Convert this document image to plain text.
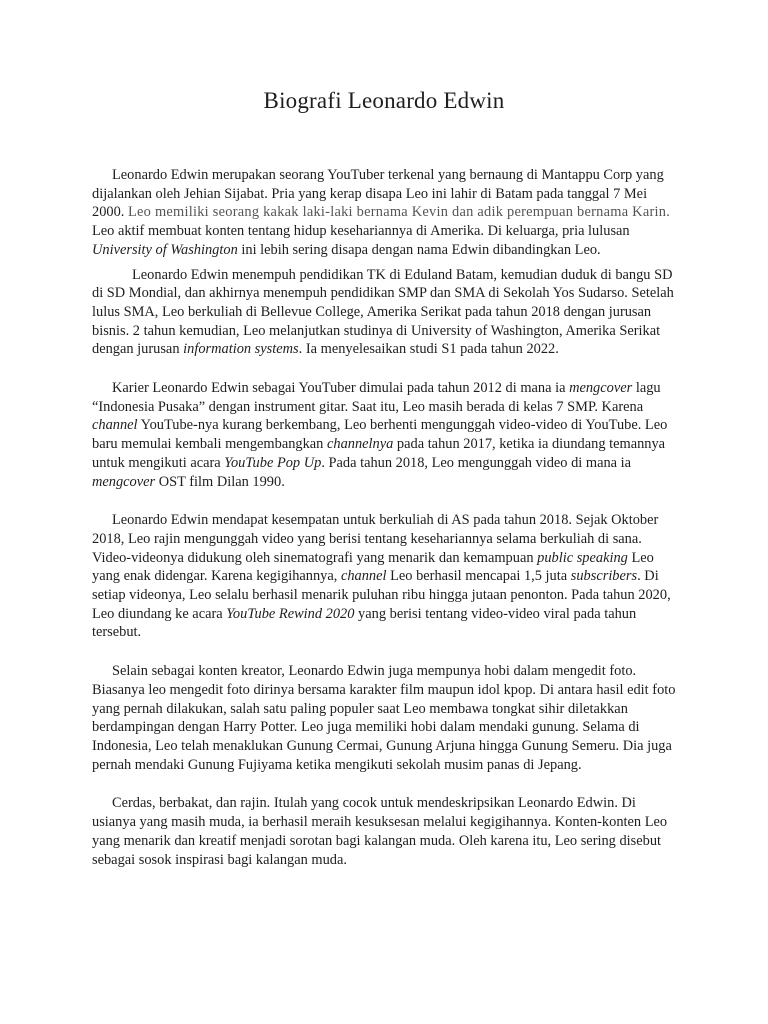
Biografi Leonardo Edwin

Leonardo Edwin merupakan seorang YouTuber terkenal yang bernaung di Mantappu Corp yang dijalankan oleh Jehian Sijabat. Pria yang kerap disapa Leo ini lahir di Batam pada tanggal 7 Mei 2000. Leo memiliki seorang kakak laki-laki bernama Kevin dan adik perempuan bernama Karin. Leo aktif membuat konten tentang hidup kesehariannya di Amerika. Di keluarga, pria lulusan University of Washington ini lebih sering disapa dengan nama Edwin dibandingkan Leo.

Leonardo Edwin menempuh pendidikan TK di Eduland Batam, kemudian duduk di bangu SD di SD Mondial, dan akhirnya menempuh pendidikan SMP dan SMA di Sekolah Yos Sudarso. Setelah lulus SMA, Leo berkuliah di Bellevue College, Amerika Serikat pada tahun 2018 dengan jurusan bisnis. 2 tahun kemudian, Leo melanjutkan studinya di University of Washington, Amerika Serikat dengan jurusan information systems. Ia menyelesaikan studi S1 pada tahun 2022.

Karier Leonardo Edwin sebagai YouTuber dimulai pada tahun 2012 di mana ia mengcover lagu “Indonesia Pusaka” dengan instrument gitar. Saat itu, Leo masih berada di kelas 7 SMP. Karena channel YouTube-nya kurang berkembang, Leo berhenti mengunggah video-video di YouTube. Leo baru memulai kembali mengembangkan channelnya pada tahun 2017, ketika ia diundang temannya untuk mengikuti acara YouTube Pop Up. Pada tahun 2018, Leo mengunggah video di mana ia mengcover OST film Dilan 1990.

Leonardo Edwin mendapat kesempatan untuk berkuliah di AS pada tahun 2018. Sejak Oktober 2018, Leo rajin mengunggah video yang berisi tentang kesehariannya selama berkuliah di sana. Video-videonya didukung oleh sinematografi yang menarik dan kemampuan public speaking Leo yang enak didengar. Karena kegigihannya, channel Leo berhasil mencapai 1,5 juta subscribers. Di setiap videonya, Leo selalu berhasil menarik puluhan ribu hingga jutaan penonton. Pada tahun 2020, Leo diundang ke acara YouTube Rewind 2020 yang berisi tentang video-video viral pada tahun tersebut.

Selain sebagai konten kreator, Leonardo Edwin juga mempunya hobi dalam mengedit foto. Biasanya leo mengedit foto dirinya bersama karakter film maupun idol kpop. Di antara hasil edit foto yang pernah dilakukan, salah satu paling populer saat Leo membawa tongkat sihir diletakkan berdampingan dengan Harry Potter. Leo juga memiliki hobi dalam mendaki gunung. Selama di Indonesia, Leo telah menaklukan Gunung Cermai, Gunung Arjuna hingga Gunung Semeru. Dia juga pernah mendaki Gunung Fujiyama ketika mengikuti sekolah musim panas di Jepang.

Cerdas, berbakat, dan rajin. Itulah yang cocok untuk mendeskripsikan Leonardo Edwin. Di usianya yang masih muda, ia berhasil meraih kesuksesan melalui kegigihannya. Konten-konten Leo yang menarik dan kreatif menjadi sorotan bagi kalangan muda. Oleh karena itu, Leo sering disebut sebagai sosok inspirasi bagi kalangan muda.
